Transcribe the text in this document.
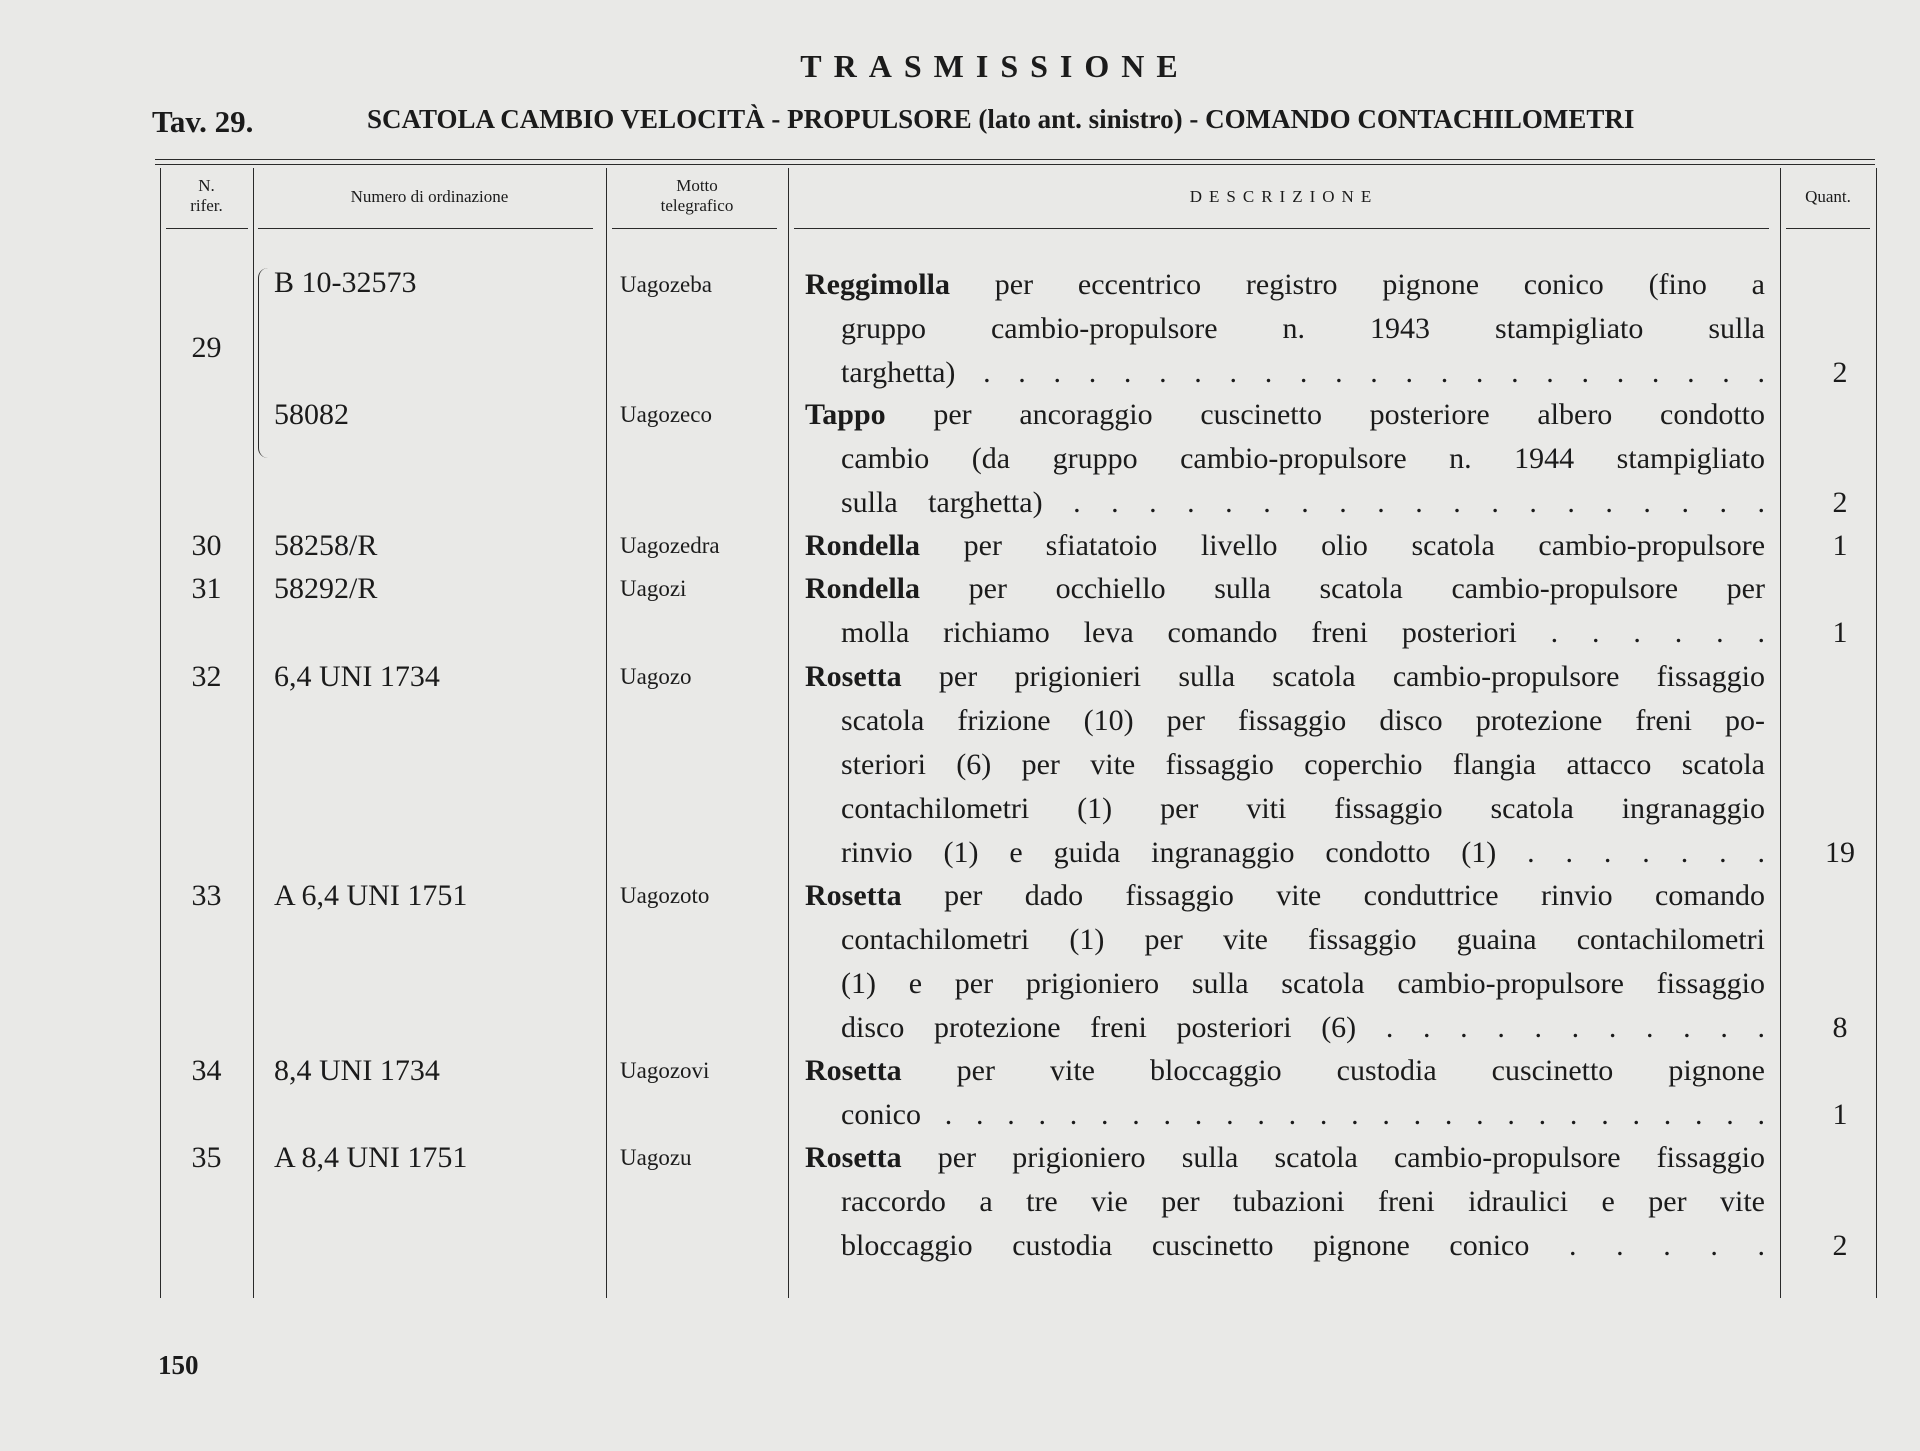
TRASMISSIONE
Tav. 29.	SCATOLA CAMBIO VELOCITÀ - PROPULSORE (lato ant. sinistro) - COMANDO CONTACHILOMETRI
N.
rifer.	Numero di ordinazione
Motto
telegrafico	DESCRIZIONE	Quant.
29
B 10-32573	Uagozeba	Reggimolla per eccentrico registro pignone conico (fino a

gruppo cambio-propulsore n. 1943 stampigliato sulla

targhetta) . . . . . . . . . . . . . . . . . . . . . . .	2
58082	Uagozeco	Tappo per ancoraggio cuscinetto posteriore albero condotto

cambio (da gruppo cambio-propulsore n. 1944 stampigliato

sulla targhetta) . . . . . . . . . . . . . . . . . . .	2
30	58258/R	Uagozedra	Rondella per sfiatatoio livello olio scatola cambio-propulsore	1
31	58292/R	Uagozi	Rondella per occhiello sulla scatola cambio-propulsore per

molla richiamo leva comando freni posteriori . . . . . .	1
32	6,4 UNI 1734	Uagozo	Rosetta per prigionieri sulla scatola cambio-propulsore fissaggio

scatola frizione (10) per fissaggio disco protezione freni po-

steriori (6) per vite fissaggio coperchio flangia attacco scatola

contachilometri (1) per viti fissaggio scatola ingranaggio

rinvio (1) e guida ingranaggio condotto (1) . . . . . . .	19
33	A 6,4 UNI 1751	Uagozoto	Rosetta per dado fissaggio vite conduttrice rinvio comando

contachilometri (1) per vite fissaggio guaina contachilometri

(1) e per prigioniero sulla scatola cambio-propulsore fissaggio

disco protezione freni posteriori (6) . . . . . . . . . . .	8
34	8,4 UNI 1734	Uagozovi	Rosetta per vite bloccaggio custodia cuscinetto pignone

conico . . . . . . . . . . . . . . . . . . . . . . . . . . .	1
35	A 8,4 UNI 1751	Uagozu	Rosetta per prigioniero sulla scatola cambio-propulsore fissaggio

raccordo a tre vie per tubazioni freni idraulici e per vite

bloccaggio custodia cuscinetto pignone conico . . . . .	2
150
